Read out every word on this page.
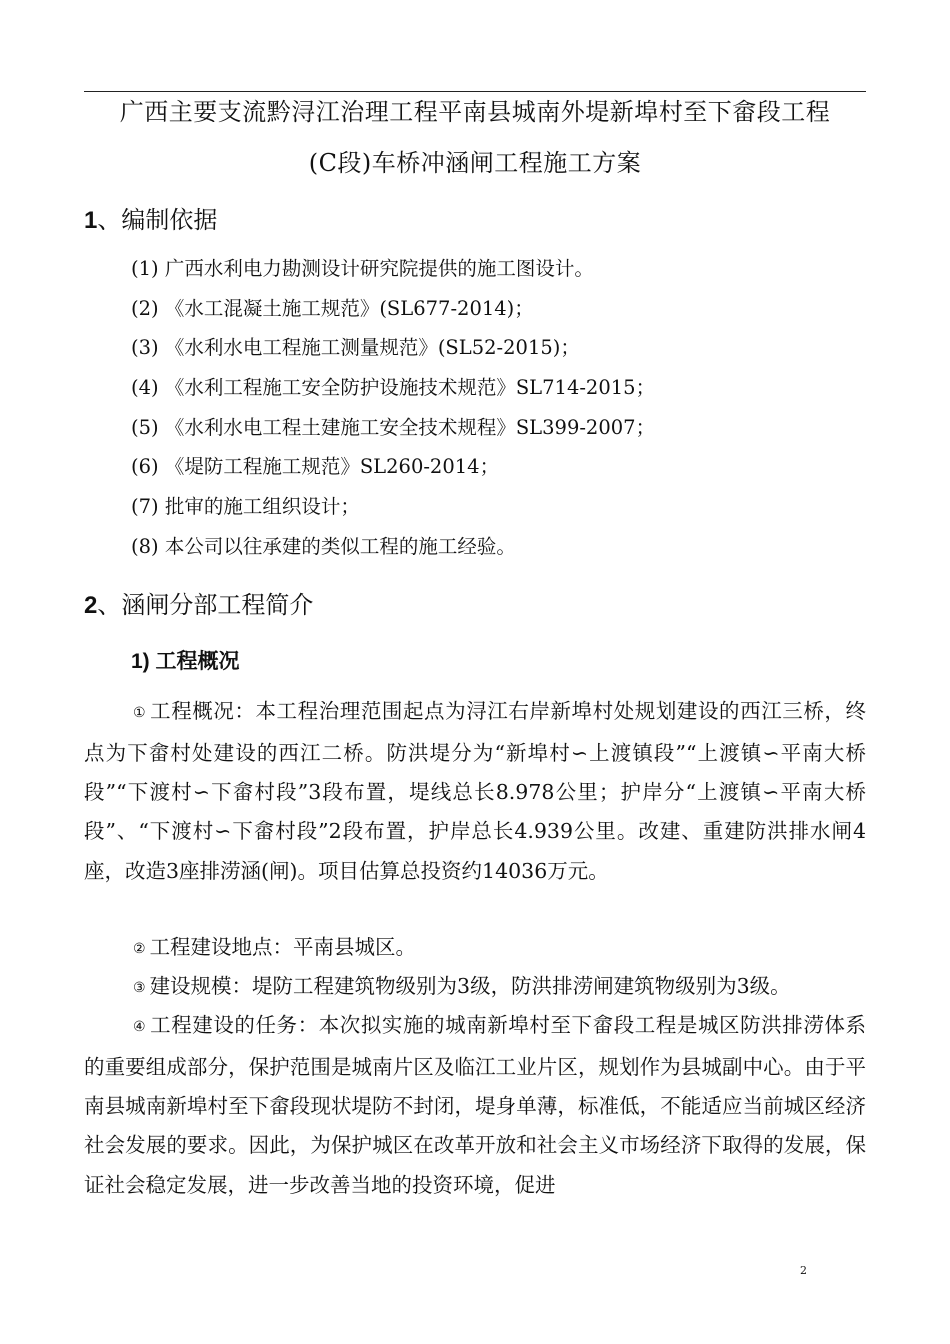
广西主要支流黔浔江治理工程平南县城南外堤新埠村至下畲段工程
(C段)车桥冲涵闸工程施工方案
1、编制依据
(1) 广西水利电力勘测设计研究院提供的施工图设计。
(2) 《水工混凝土施工规范》(SL677-2014)；
(3) 《水利水电工程施工测量规范》(SL52-2015)；
(4) 《水利工程施工安全防护设施技术规范》SL714-2015；
(5) 《水利水电工程土建施工安全技术规程》SL399-2007；
(6) 《堤防工程施工规范》SL260-2014；
(7) 批审的施工组织设计；
(8) 本公司以往承建的类似工程的施工经验。
2、涵闸分部工程简介
1) 工程概况

① 工程概况：本工程治理范围起点为浔江右岸新埠村处规划建设的西江三桥，终点为下畲村处建设的西江二桥。防洪堤分为“新埠村∽上渡镇段”“上渡镇∽平南大桥段”“下渡村∽下畲村段”3段布置，堤线总长8.978公里；护岸分“上渡镇∽平南大桥段”、“下渡村∽下畲村段”2段布置，护岸总长4.939公里。改建、重建防洪排水闸4座，改造3座排涝涵(闸)。项目估算总投资约14036万元。

② 工程建设地点：平南县城区。

③ 建设规模：堤防工程建筑物级别为3级，防洪排涝闸建筑物级别为3级。

④ 工程建设的任务：本次拟实施的城南新埠村至下畲段工程是城区防洪排涝体系的重要组成部分，保护范围是城南片区及临江工业片区，规划作为县城副中心。由于平南县城南新埠村至下畲段现状堤防不封闭，堤身单薄，标准低，不能适应当前城区经济社会发展的要求。因此，为保护城区在改革开放和社会主义市场经济下取得的发展，保证社会稳定发展，进一步改善当地的投资环境，促进

2
